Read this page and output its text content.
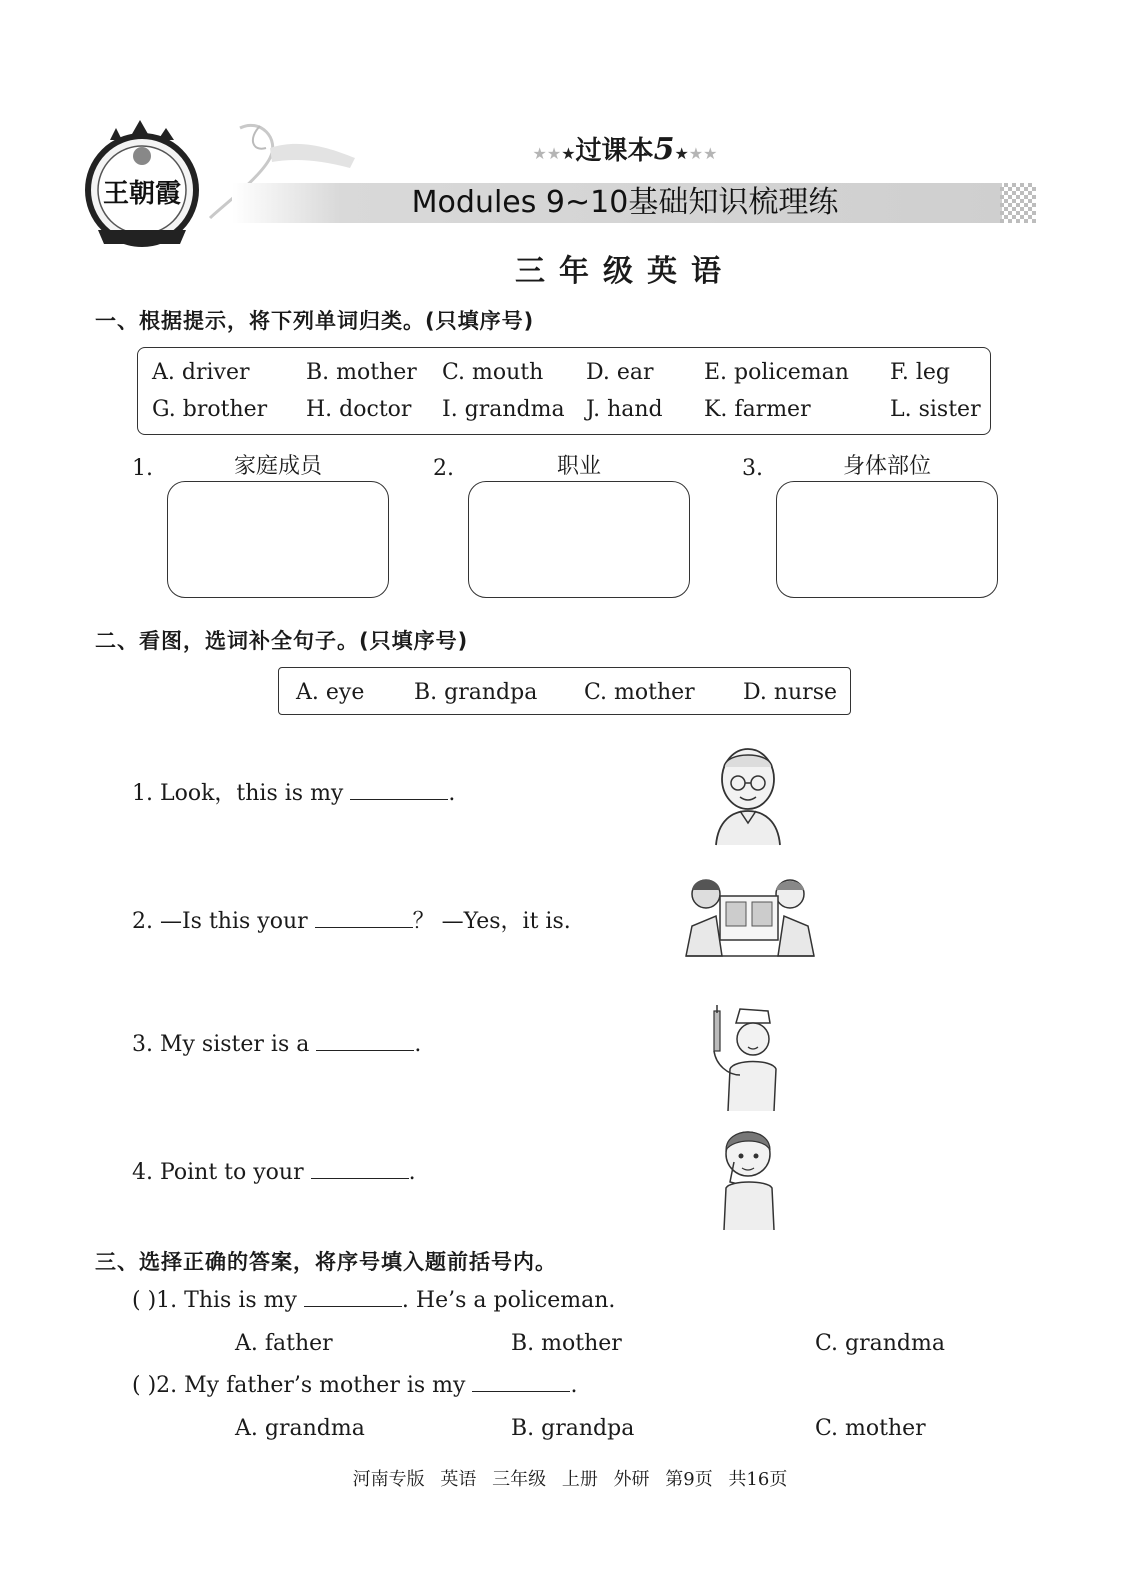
王朝霞
★★★过课本5★★★
Modules 9~10基础知识梳理练
三年级英语
一、根据提示，将下列单词归类。(只填序号)
A. driver	B. mother C. mouth D. ear E. policeman F. leg
G. brother H. doctor I. grandma J. hand K. farmer	L. sister
1.	家庭成员	2.	职业	3.	身体部位
二、看图，选词补全句子。(只填序号)
A. eye B. grandpa C. mother D. nurse
1. Look，this is my	.
2. —Is this your	？ —Yes，it is.
3. My sister is a	.
4. Point to your	.
三、选择正确的答案，将序号填入题前括号内。
( )1. This is my	. He’s a policeman.
A. father	B. mother	C. grandma
( )2. My father’s mother is my	.
A. grandma	B. grandpa	C. mother
河南专版 英语 三年级 上册 外研 第9页 共16页
